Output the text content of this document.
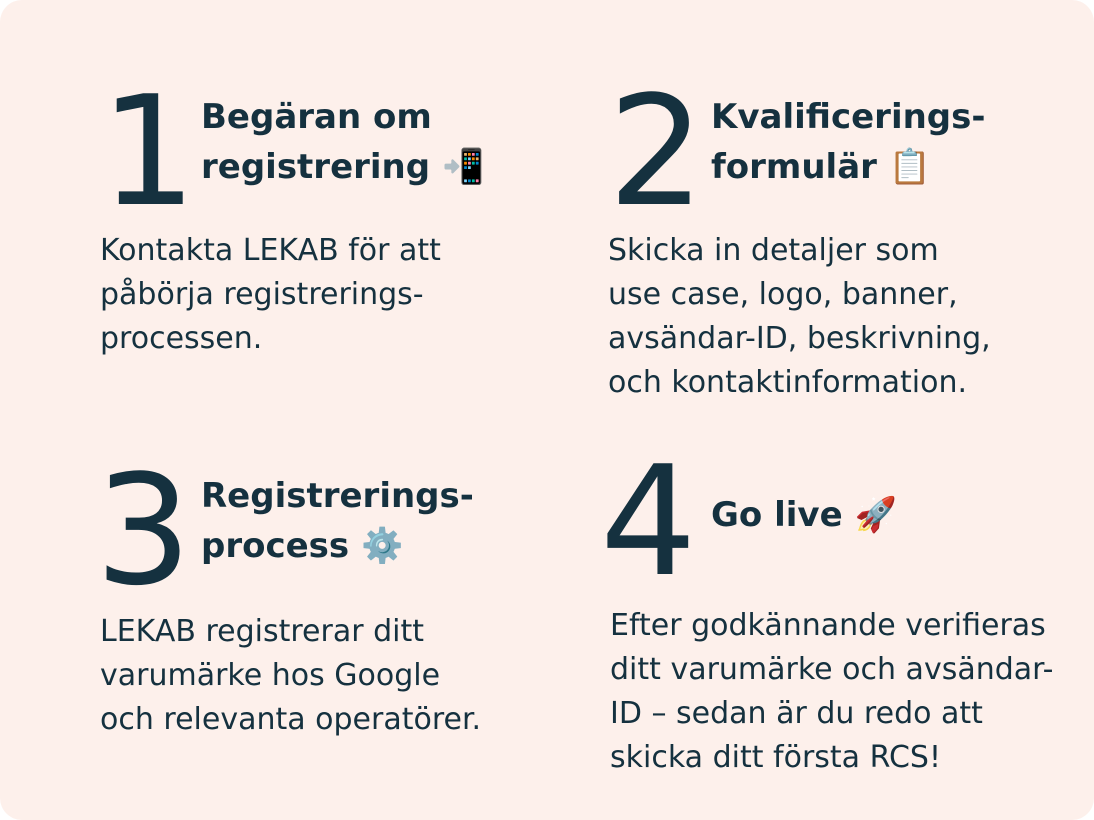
1 Begäran om
registrering 📲
Kontakta LEKAB för att
påbörja registrerings-
processen.
2 Kvalificerings-
formulär 📋
Skicka in detaljer som
use case, logo, banner,
avsändar-ID, beskrivning,
och kontaktinformation.
3 Registrerings-
process ⚙️
LEKAB registrerar ditt
varumärke hos Google
och relevanta operatörer.
4 Go live 🚀
Efter godkännande verifieras
ditt varumärke och avsändar-
ID – sedan är du redo att
skicka ditt första RCS!
